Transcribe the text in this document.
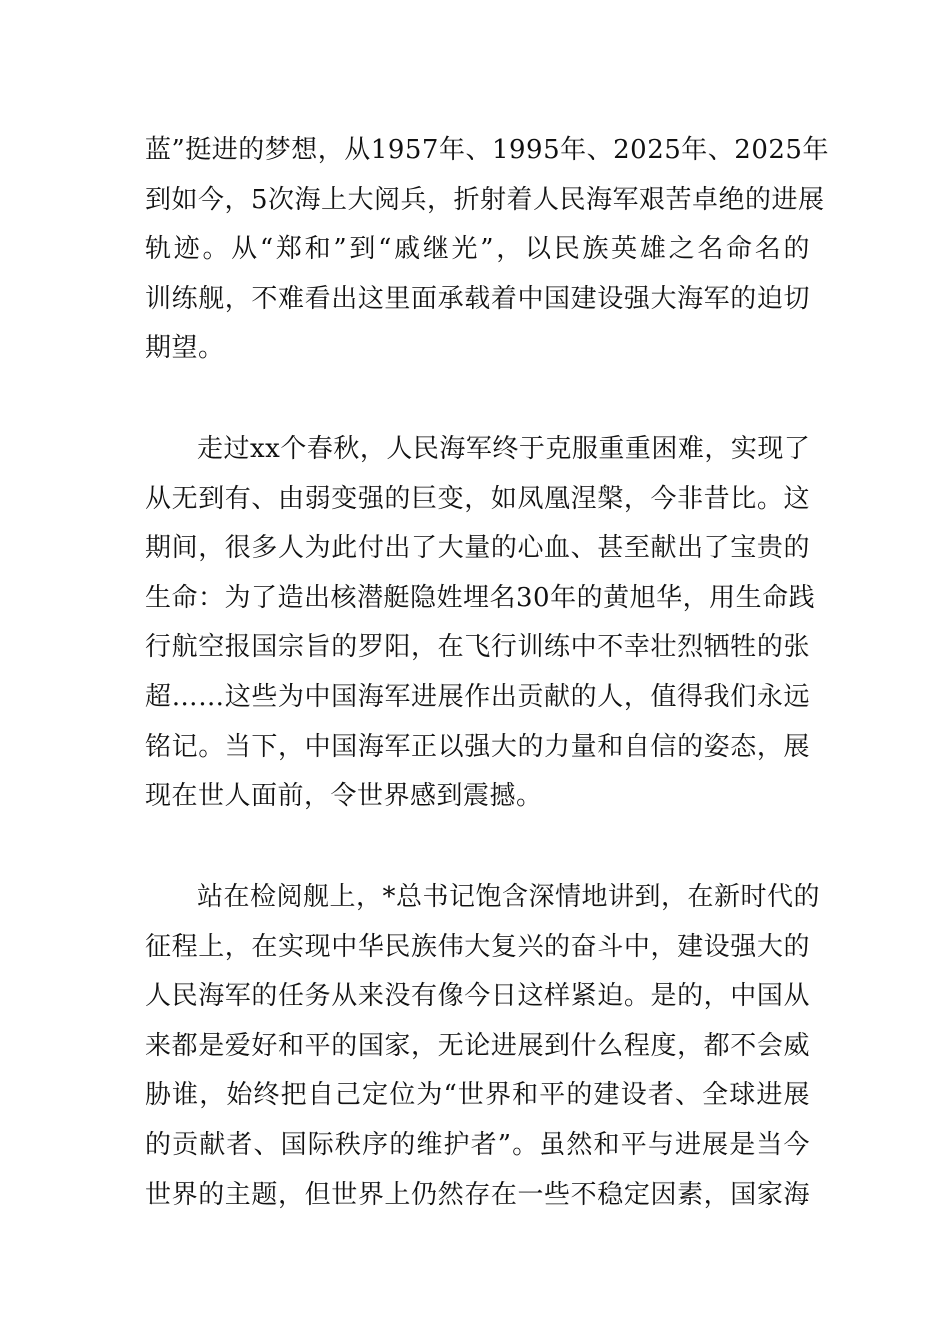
蓝”挺进的梦想，从1957年、1995年、2025年、2025年
到如今，5次海上大阅兵，折射着人民海军艰苦卓绝的进展
轨迹。从“郑和”到“戚继光”，以民族英雄之名命名的
训练舰，不难看出这里面承载着中国建设强大海军的迫切
期望。
走过xx个春秋，人民海军终于克服重重困难，实现了
从无到有、由弱变强的巨变，如凤凰涅槃，今非昔比。这
期间，很多人为此付出了大量的心血、甚至献出了宝贵的
生命：为了造出核潜艇隐姓埋名30年的黄旭华，用生命践
行航空报国宗旨的罗阳，在飞行训练中不幸壮烈牺牲的张
超……这些为中国海军进展作出贡献的人，值得我们永远
铭记。当下，中国海军正以强大的力量和自信的姿态，展
现在世人面前，令世界感到震撼。
站在检阅舰上，*总书记饱含深情地讲到，在新时代的
征程上，在实现中华民族伟大复兴的奋斗中，建设强大的
人民海军的任务从来没有像今日这样紧迫。是的，中国从
来都是爱好和平的国家，无论进展到什么程度，都不会威
胁谁，始终把自己定位为“世界和平的建设者、全球进展
的贡献者、国际秩序的维护者”。虽然和平与进展是当今
世界的主题，但世界上仍然存在一些不稳定因素，国家海
